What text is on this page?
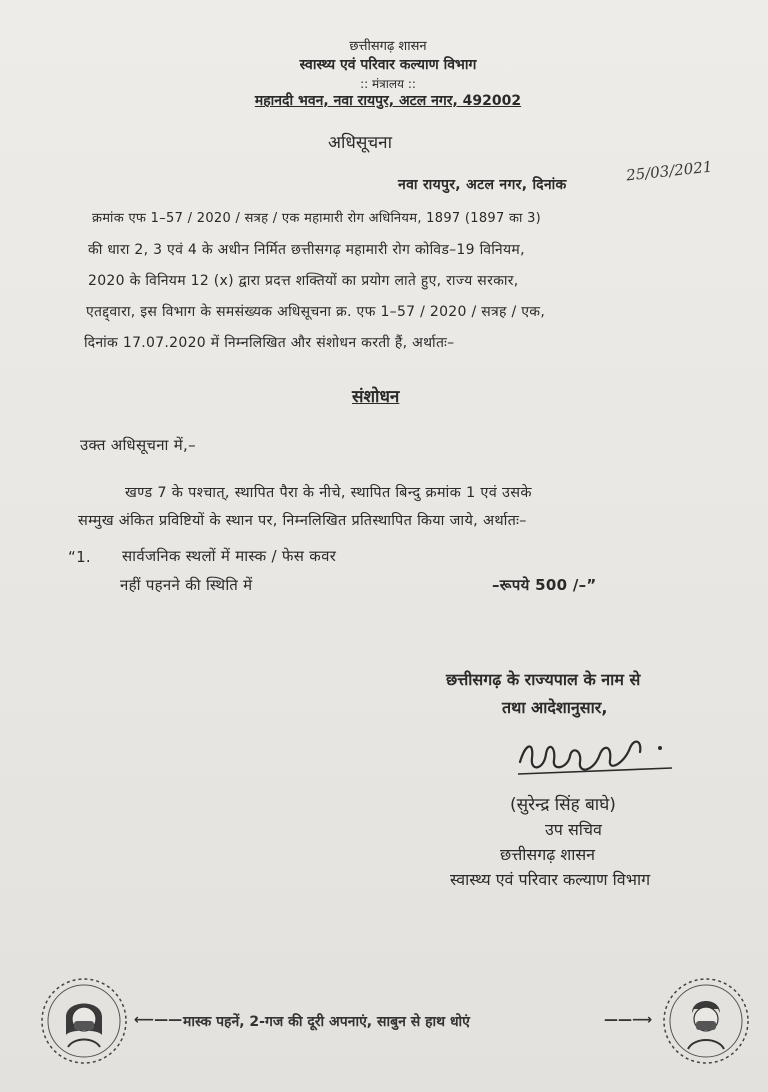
छत्तीसगढ़ शासन
स्वास्थ्य एवं परिवार कल्याण विभाग
:: मंत्रालय ::
महानदी भवन, नवा रायपुर, अटल नगर, 492002
अधिसूचना
नवा रायपुर, अटल नगर, दिनांक
25/03/2021
क्रमांक एफ 1–57 / 2020 / सत्रह / एक महामारी रोग अधिनियम, 1897 (1897 का 3)
की धारा 2, 3 एवं 4 के अधीन निर्मित छत्तीसगढ़ महामारी रोग कोविड–19 विनियम,
2020 के विनियम 12 (x) द्वारा प्रदत्त शक्तियों का प्रयोग लाते हुए, राज्य सरकार,
एतद्द्वारा, इस विभाग के समसंख्यक अधिसूचना क्र. एफ 1–57 / 2020 / सत्रह / एक,
दिनांक 17.07.2020 में निम्नलिखित और संशोधन करती हैं, अर्थातः–
संशोधन
उक्त अधिसूचना में,–
खण्ड 7 के पश्चात्, स्थापित पैरा के नीचे, स्थापित बिन्दु क्रमांक 1 एवं उसके
सम्मुख अंकित प्रविष्टियों के स्थान पर, निम्नलिखित प्रतिस्थापित किया जाये, अर्थातः–
“1. सार्वजनिक स्थलों में मास्क / फेस कवर
नहीं पहनने की स्थिति में	–रूपये 500 /–”
छत्तीसगढ़ के राज्यपाल के नाम से
तथा आदेशानुसार,
(सुरेन्द्र सिंह बाघे)
उप सचिव
छत्तीसगढ़ शासन
स्वास्थ्य एवं परिवार कल्याण विभाग
⟵—— मास्क पहनें, 2-गज की दूरी अपनाएं, साबुन से हाथ धोएं	——⟶
